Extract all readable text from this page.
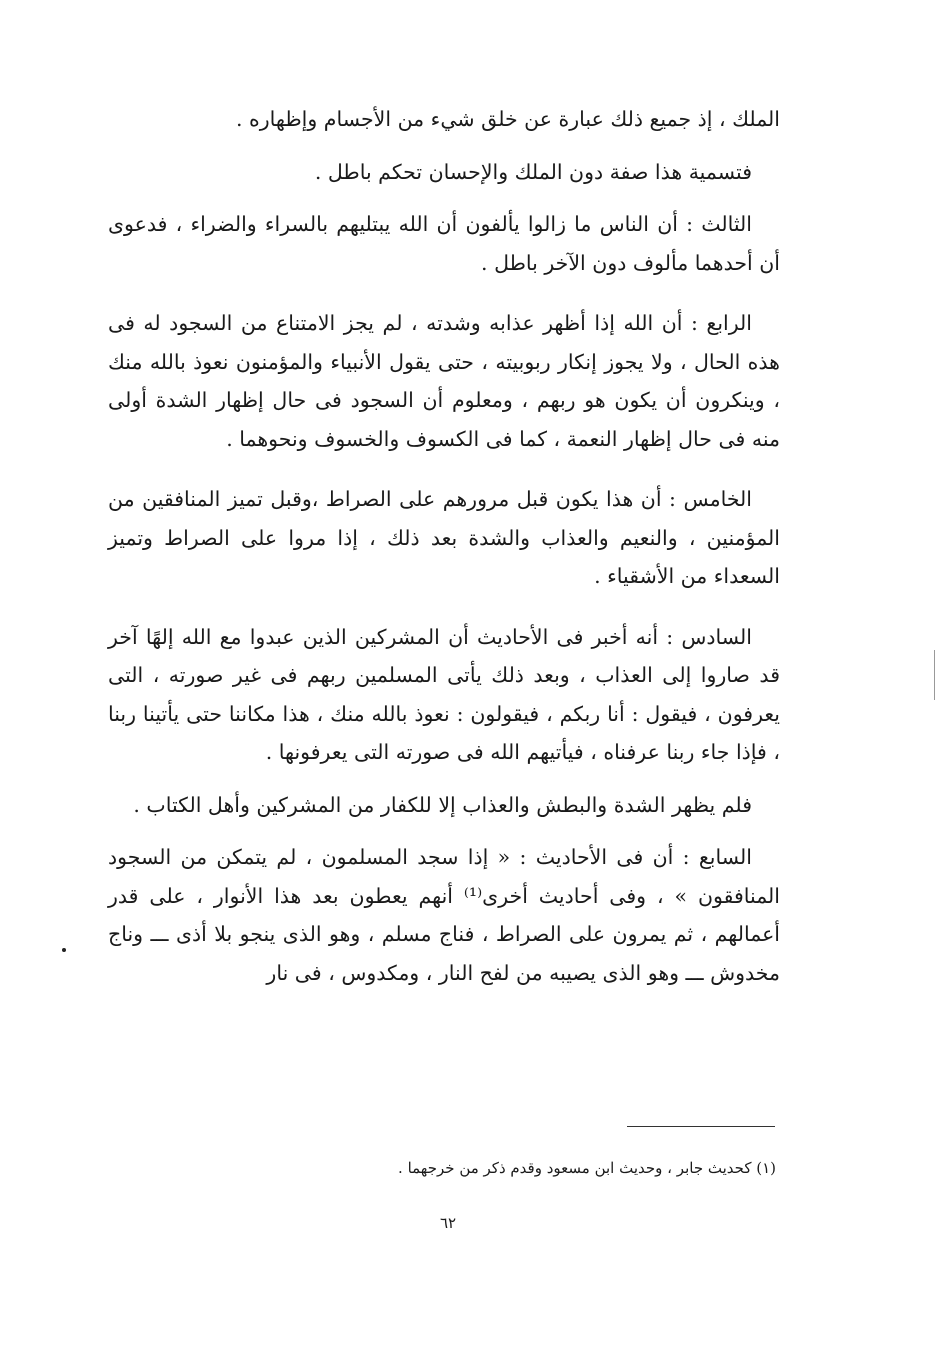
الملك ، إذ جميع ذلك عبارة عن خلق شيء من الأجسام وإظهاره .

فتسمية هذا صفة دون الملك والإحسان تحكم باطل .

الثالث : أن الناس ما زالوا يألفون أن الله يبتليهم بالسراء والضراء ، فدعوى أن أحدهما مألوف دون الآخر باطل .

الرابع : أن الله إذا أظهر عذابه وشدته ، لم يجز الامتناع من السجود له فى هذه الحال ، ولا يجوز إنكار ربوبيته ، حتى يقول الأنبياء والمؤمنون نعوذ بالله منك ، وينكرون أن يكون هو ربهم ، ومعلوم أن السجود فى حال إظهار الشدة أولى منه فى حال إظهار النعمة ، كما فى الكسوف والخسوف ونحوهما .

الخامس : أن هذا يكون قبل مرورهم على الصراط ،وقبل تميز المنافقين من المؤمنين ، والنعيم والعذاب والشدة بعد ذلك ، إذا مروا على الصراط وتميز السعداء من الأشقياء .

السادس : أنه أخبر فى الأحاديث أن المشركين الذين عبدوا مع الله إلهًا آخر قد صاروا إلى العذاب ، وبعد ذلك يأتى المسلمين ربهم فى غير صورته ، التى يعرفون ، فيقول : أنا ربكم ، فيقولون : نعوذ بالله منك ، هذا مكاننا حتى يأتينا ربنا ، فإذا جاء ربنا عرفناه ، فيأتيهم الله فى صورته التى يعرفونها .

فلم يظهر الشدة والبطش والعذاب إلا للكفار من المشركين وأهل الكتاب .

السابع : أن فى الأحاديث : « إذا سجد المسلمون ، لم يتمكن من السجود المنافقون » ، وفى أحاديث أخرى⁽¹⁾ أنهم يعطون بعد هذا الأنوار ، على قدر أعمالهم ، ثم يمرون على الصراط ، فناج مسلم ، وهو الذى ينجو بلا أذى ـــ وناج مخدوش ـــ وهو الذى يصيبه من لفح النار ، ومكدوس ، فى نار

(١) كحديث جابر ، وحديث ابن مسعود وقدم ذكر من خرجهما .
٦٢
